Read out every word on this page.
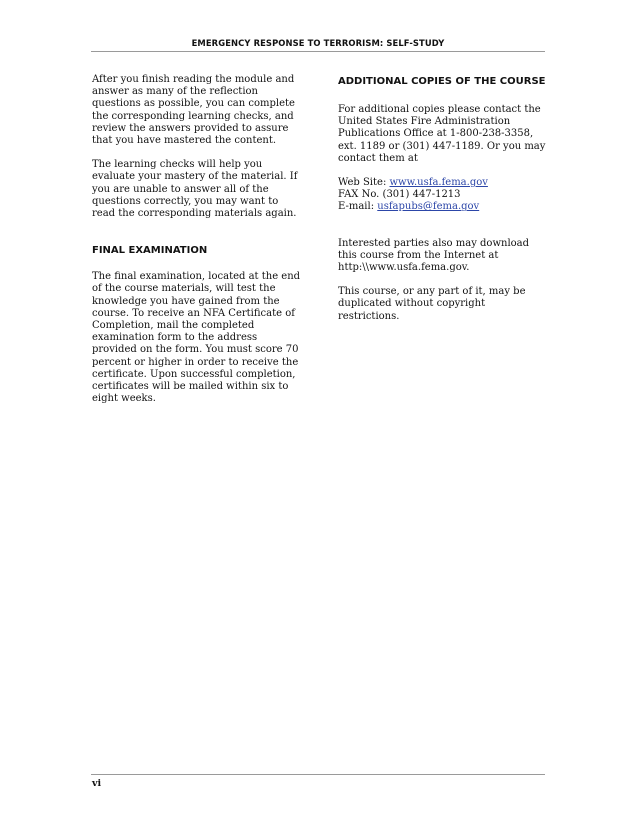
EMERGENCY RESPONSE TO TERRORISM: SELF-STUDY

After you finish reading the module and answer as many of the reflection questions as possible, you can complete the corresponding learning checks, and review the answers provided to assure that you have mastered the content.

The learning checks will help you evaluate your mastery of the material. If you are unable to answer all of the questions correctly, you may want to read the corresponding materials again.

FINAL EXAMINATION

The final examination, located at the end of the course materials, will test the knowledge you have gained from the course. To receive an NFA Certificate of Completion, mail the completed examination form to the address provided on the form. You must score 70 percent or higher in order to receive the certificate. Upon successful completion, certificates will be mailed within six to eight weeks.

ADDITIONAL COPIES OF THE COURSE

For additional copies please contact the United States Fire Administration Publications Office at 1-800-238-3358, ext. 1189 or (301) 447-1189. Or you may contact them at

Web Site: www.usfa.fema.gov

FAX No. (301) 447-1213

E-mail: usfapubs@fema.gov

Interested parties also may download this course from the Internet at http:\\www.usfa.fema.gov.

This course, or any part of it, may be duplicated without copyright restrictions.

vi
